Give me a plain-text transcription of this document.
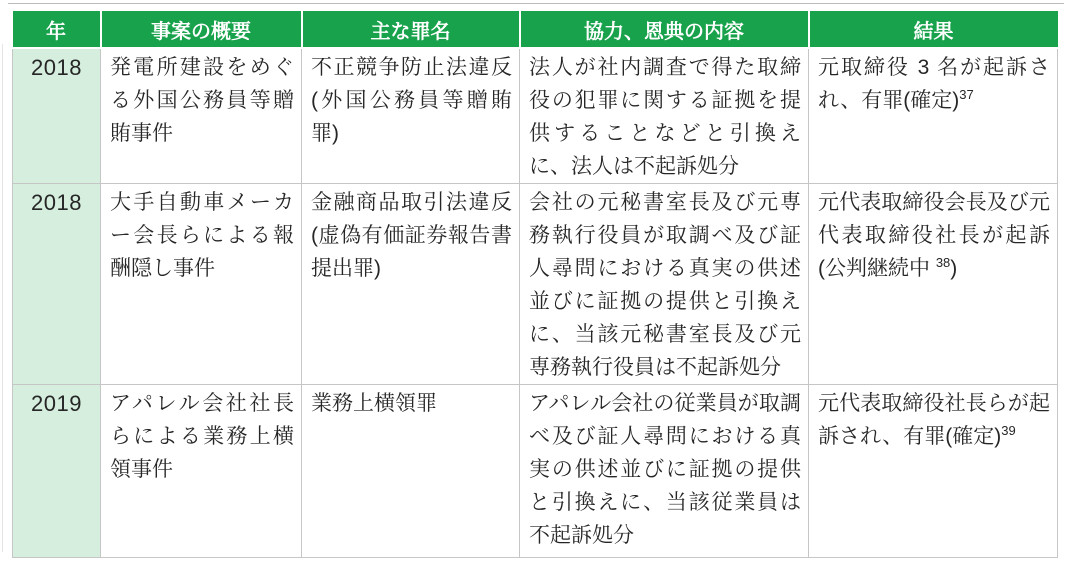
年	事案の概要	主な罪名	協力、恩典の内容	結果
2018	発電所建設をめぐる外国公務員等贈賄事件	不正競争防止法違反(外国公務員等贈賄罪)	法人が社内調査で得た取締役の犯罪に関する証拠を提供することなどと引換えに、法人は不起訴処分	元取締役 3 名が起訴され、有罪(確定)$^{37}$
2018	大手自動車メーカー会長らによる報酬隠し事件	金融商品取引法違反(虚偽有価証券報告書提出罪)	会社の元秘書室長及び元専務執行役員が取調べ及び証人尋問における真実の供述並びに証拠の提供と引換えに、当該元秘書室長及び元専務執行役員は不起訴処分	元代表取締役会長及び元代表取締役社長が起訴(公判継続中 $^{38}$)
2019	アパレル会社社長らによる業務上横領事件	業務上横領罪	アパレル会社の従業員が取調べ及び証人尋問における真実の供述並びに証拠の提供と引換えに、当該従業員は不起訴処分	元代表取締役社長らが起訴され、有罪(確定)$^{39}$
